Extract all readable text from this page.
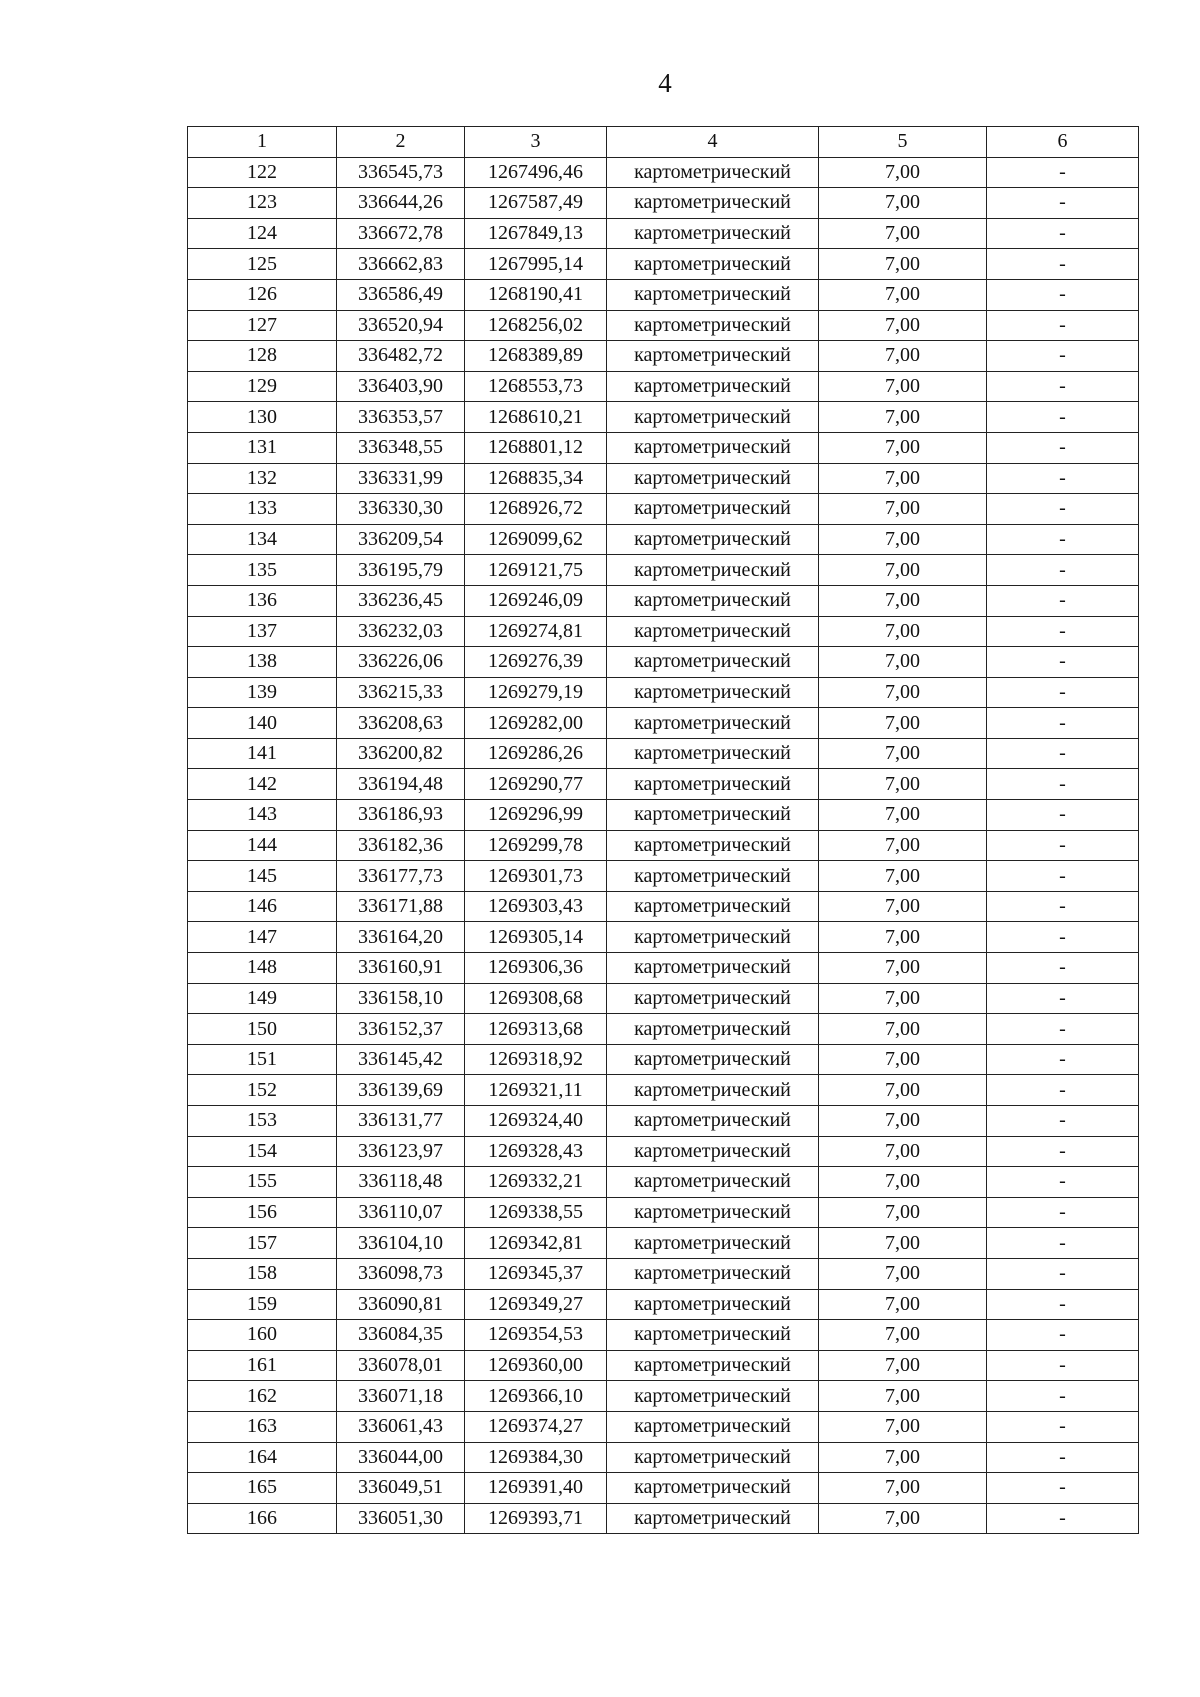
4
1	2	3	4	5	6
122	336545,73	1267496,46	картометрический	7,00	-
123	336644,26	1267587,49	картометрический	7,00	-
124	336672,78	1267849,13	картометрический	7,00	-
125	336662,83	1267995,14	картометрический	7,00	-
126	336586,49	1268190,41	картометрический	7,00	-
127	336520,94	1268256,02	картометрический	7,00	-
128	336482,72	1268389,89	картометрический	7,00	-
129	336403,90	1268553,73	картометрический	7,00	-
130	336353,57	1268610,21	картометрический	7,00	-
131	336348,55	1268801,12	картометрический	7,00	-
132	336331,99	1268835,34	картометрический	7,00	-
133	336330,30	1268926,72	картометрический	7,00	-
134	336209,54	1269099,62	картометрический	7,00	-
135	336195,79	1269121,75	картометрический	7,00	-
136	336236,45	1269246,09	картометрический	7,00	-
137	336232,03	1269274,81	картометрический	7,00	-
138	336226,06	1269276,39	картометрический	7,00	-
139	336215,33	1269279,19	картометрический	7,00	-
140	336208,63	1269282,00	картометрический	7,00	-
141	336200,82	1269286,26	картометрический	7,00	-
142	336194,48	1269290,77	картометрический	7,00	-
143	336186,93	1269296,99	картометрический	7,00	-
144	336182,36	1269299,78	картометрический	7,00	-
145	336177,73	1269301,73	картометрический	7,00	-
146	336171,88	1269303,43	картометрический	7,00	-
147	336164,20	1269305,14	картометрический	7,00	-
148	336160,91	1269306,36	картометрический	7,00	-
149	336158,10	1269308,68	картометрический	7,00	-
150	336152,37	1269313,68	картометрический	7,00	-
151	336145,42	1269318,92	картометрический	7,00	-
152	336139,69	1269321,11	картометрический	7,00	-
153	336131,77	1269324,40	картометрический	7,00	-
154	336123,97	1269328,43	картометрический	7,00	-
155	336118,48	1269332,21	картометрический	7,00	-
156	336110,07	1269338,55	картометрический	7,00	-
157	336104,10	1269342,81	картометрический	7,00	-
158	336098,73	1269345,37	картометрический	7,00	-
159	336090,81	1269349,27	картометрический	7,00	-
160	336084,35	1269354,53	картометрический	7,00	-
161	336078,01	1269360,00	картометрический	7,00	-
162	336071,18	1269366,10	картометрический	7,00	-
163	336061,43	1269374,27	картометрический	7,00	-
164	336044,00	1269384,30	картометрический	7,00	-
165	336049,51	1269391,40	картометрический	7,00	-
166	336051,30	1269393,71	картометрический	7,00	-
